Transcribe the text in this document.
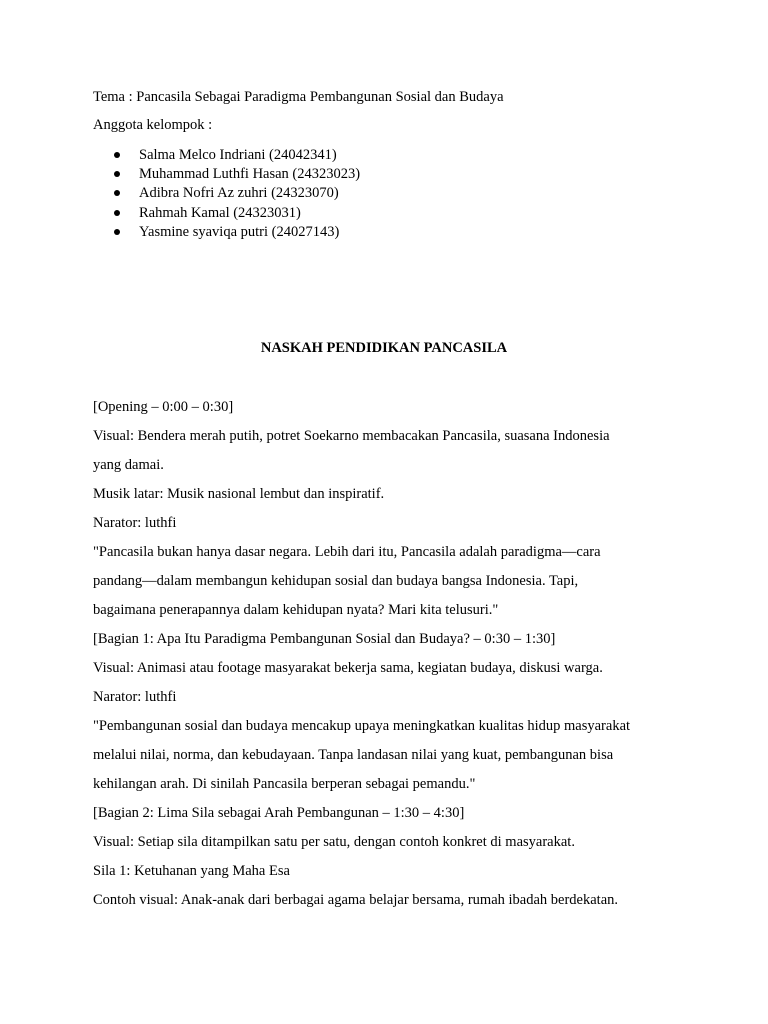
Tema : Pancasila Sebagai Paradigma Pembangunan Sosial dan Budaya
Anggota kelompok :
Salma Melco Indriani (24042341)
Muhammad Luthfi Hasan (24323023)
Adibra Nofri Az zuhri (24323070)
Rahmah Kamal (24323031)
Yasmine syaviqa putri (24027143)
NASKAH PENDIDIKAN PANCASILA
[Opening – 0:00 – 0:30]
Visual: Bendera merah putih, potret Soekarno membacakan Pancasila, suasana Indonesia
yang damai.
Musik latar: Musik nasional lembut dan inspiratif.
Narator: luthfi
"Pancasila bukan hanya dasar negara. Lebih dari itu, Pancasila adalah paradigma—cara
pandang—dalam membangun kehidupan sosial dan budaya bangsa Indonesia. Tapi,
bagaimana penerapannya dalam kehidupan nyata? Mari kita telusuri."
[Bagian 1: Apa Itu Paradigma Pembangunan Sosial dan Budaya? – 0:30 – 1:30]
Visual: Animasi atau footage masyarakat bekerja sama, kegiatan budaya, diskusi warga.
Narator: luthfi
"Pembangunan sosial dan budaya mencakup upaya meningkatkan kualitas hidup masyarakat
melalui nilai, norma, dan kebudayaan. Tanpa landasan nilai yang kuat, pembangunan bisa
kehilangan arah. Di sinilah Pancasila berperan sebagai pemandu."
[Bagian 2: Lima Sila sebagai Arah Pembangunan – 1:30 – 4:30]
Visual: Setiap sila ditampilkan satu per satu, dengan contoh konkret di masyarakat.
Sila 1: Ketuhanan yang Maha Esa
Contoh visual: Anak-anak dari berbagai agama belajar bersama, rumah ibadah berdekatan.
